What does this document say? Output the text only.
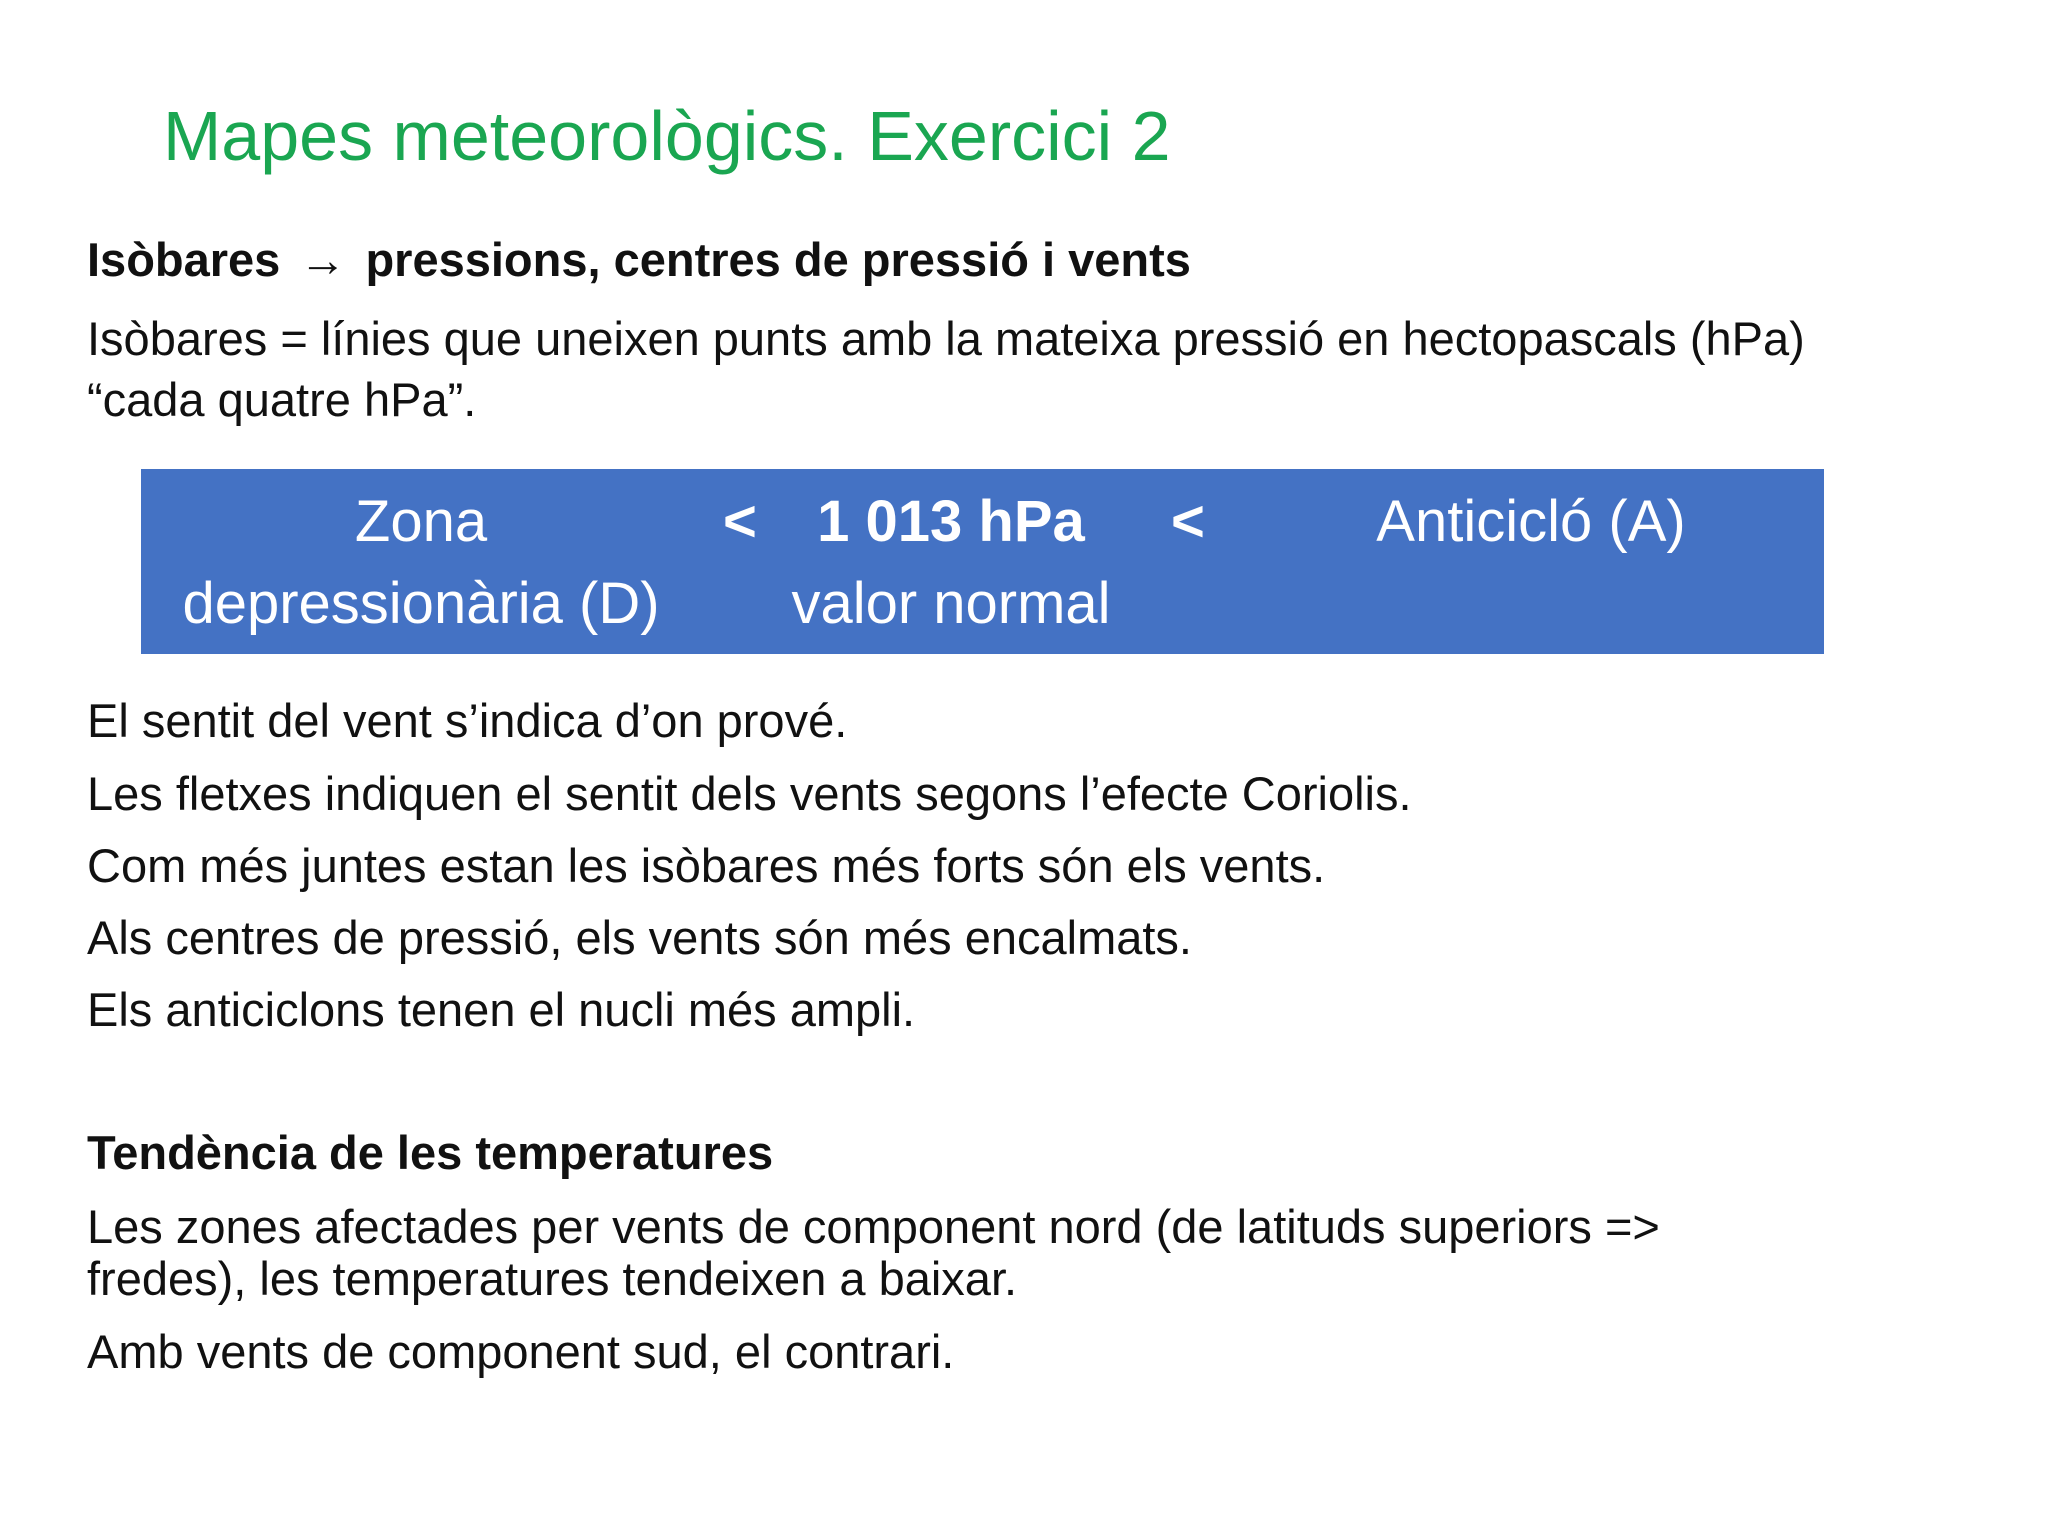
Mapes meteorològics. Exercici 2
Isòbares → pressions, centres de pressió i vents
Isòbares = línies que uneixen punts amb la mateixa pressió en hectopascals (hPa)
“cada quatre hPa”.
Zona
depressionària (D)
<	1 013 hPa
valor normal
<	Anticicló (A)
El sentit del vent s’indica d’on prové.
Les fletxes indiquen el sentit dels vents segons l’efecte Coriolis.
Com més juntes estan les isòbares més forts són els vents.
Als centres de pressió, els vents són més encalmats.
Els anticiclons tenen el nucli més ampli.
Tendència de les temperatures
Les zones afectades per vents de component nord (de latituds superiors =>
fredes), les temperatures tendeixen a baixar.
Amb vents de component sud, el contrari.
